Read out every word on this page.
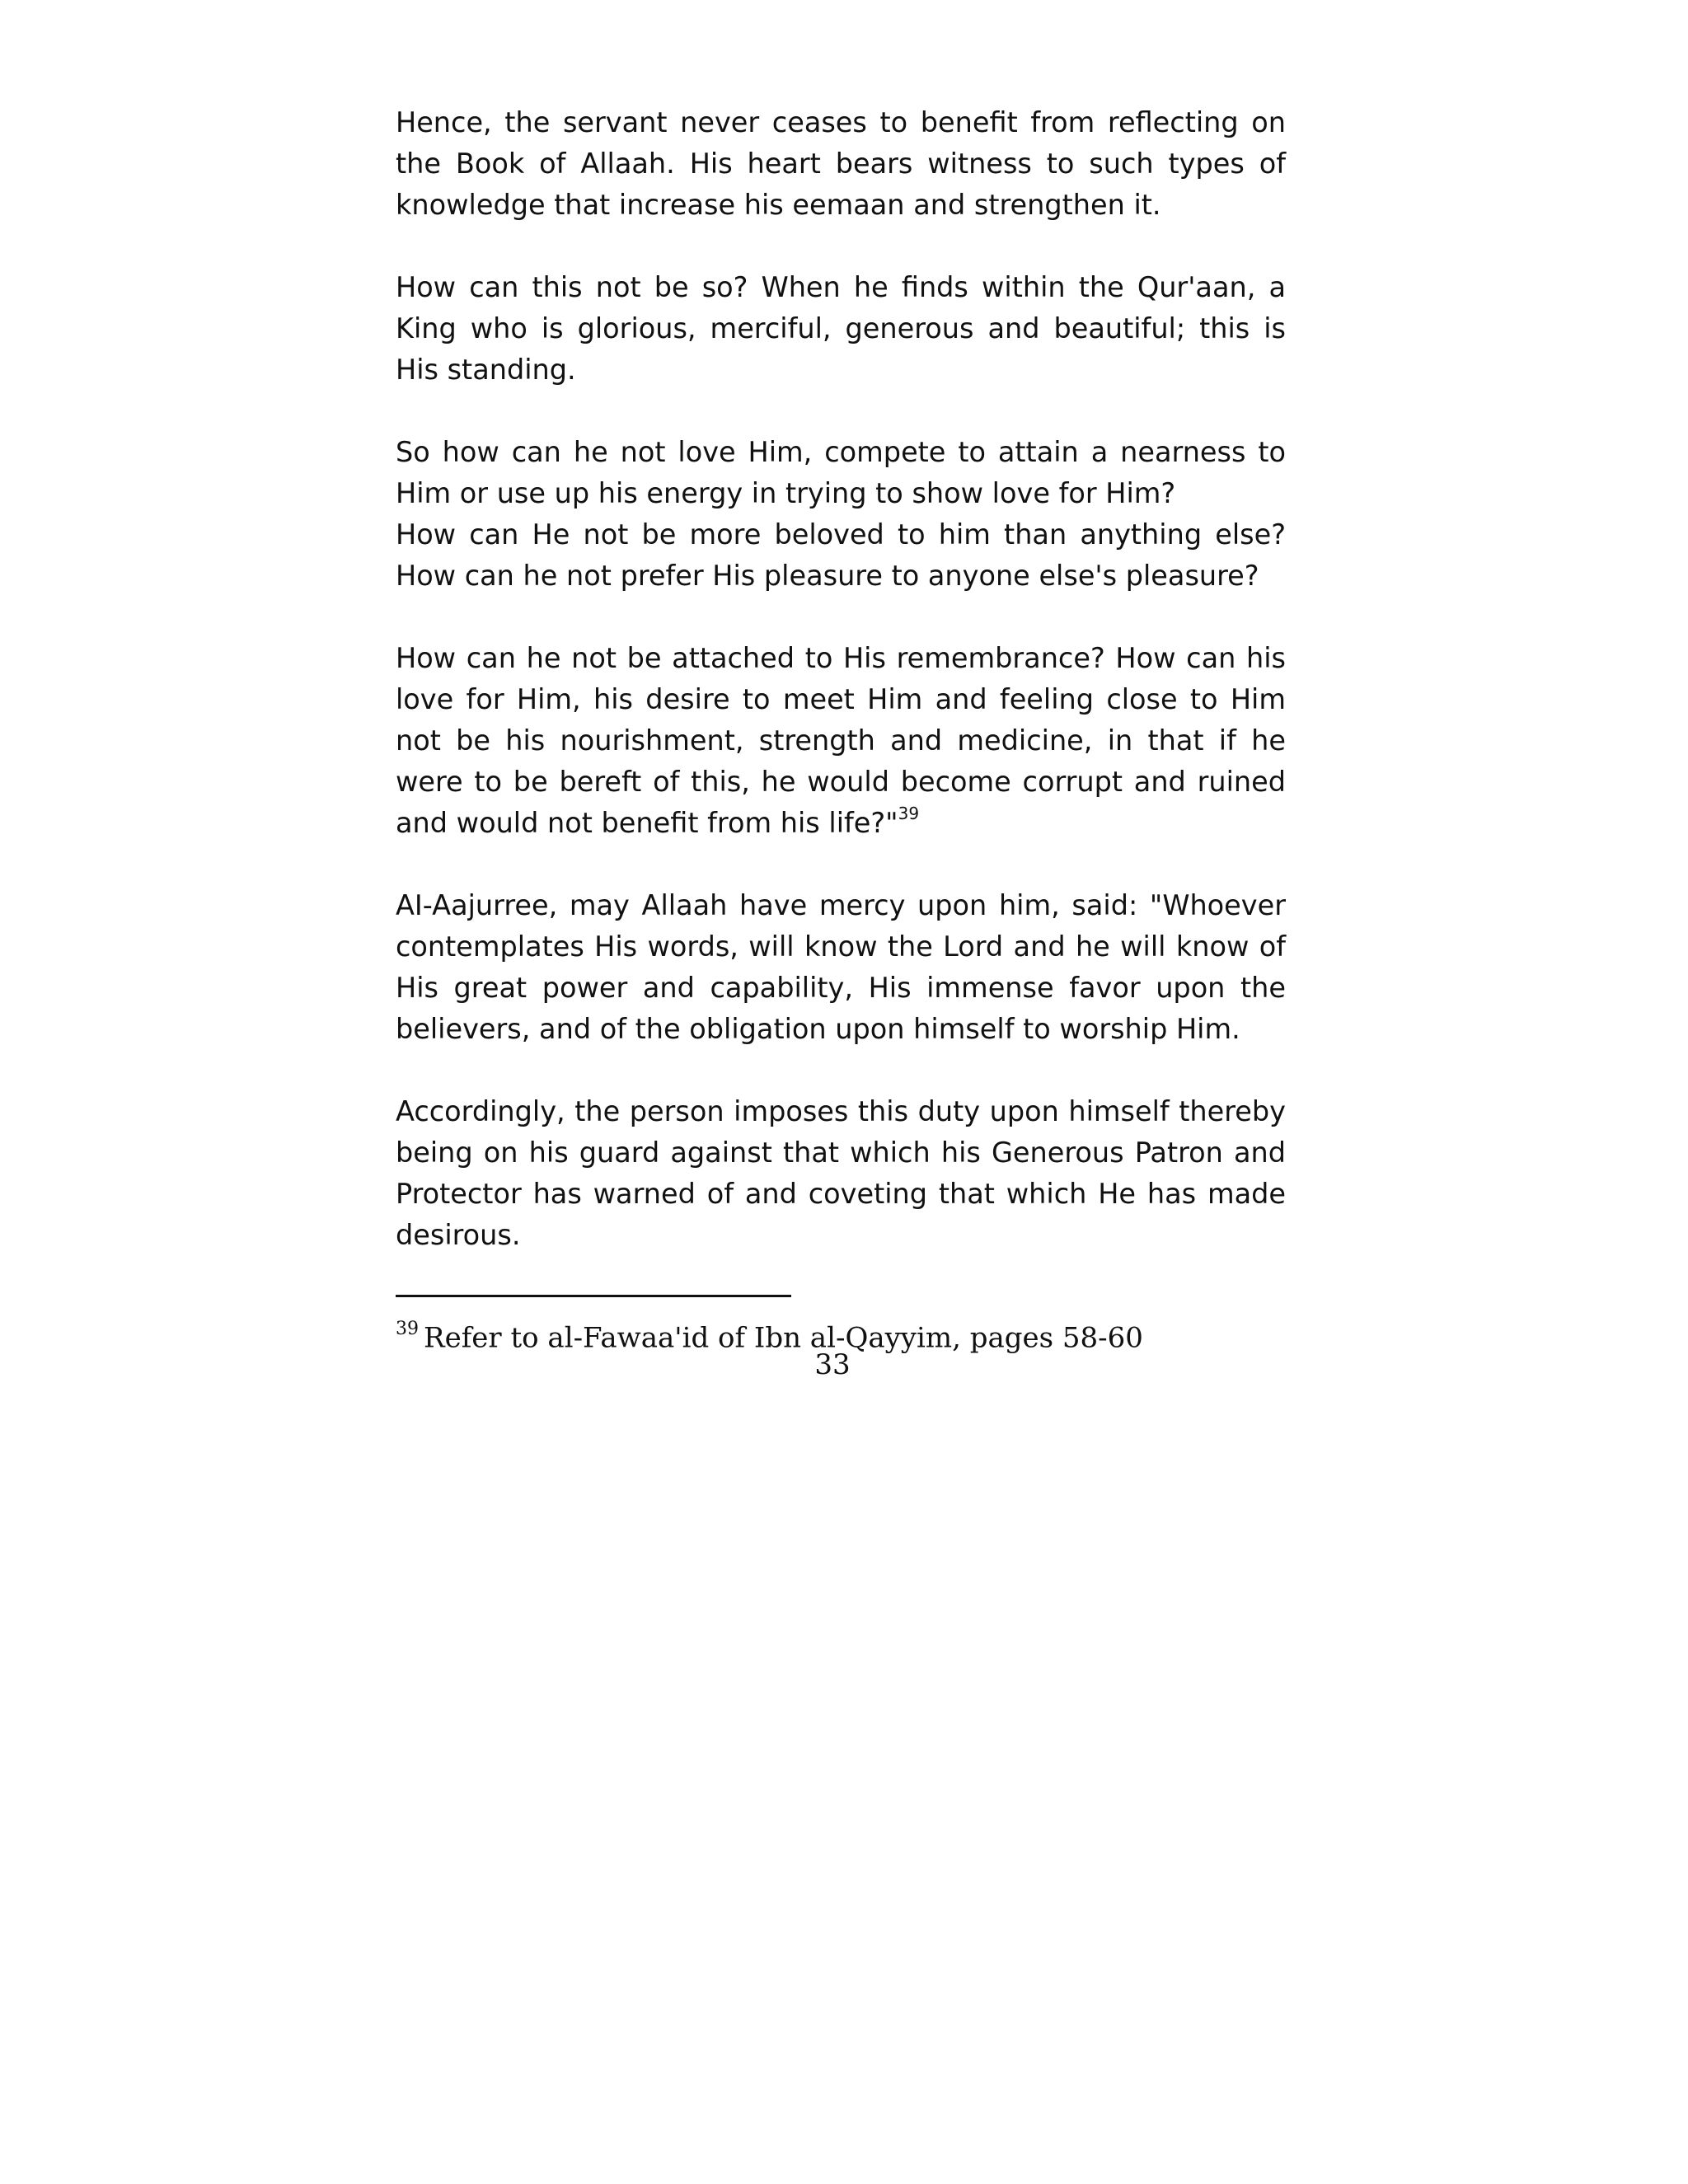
Hence, the servant never ceases to benefit from reflecting on the Book of Allaah. His heart bears witness to such types of knowledge that increase his eemaan and strengthen it.

How can this not be so? When he finds within the Qur'aan, a King who is glorious, merciful, generous and beautiful; this is His standing.

So how can he not love Him, compete to attain a nearness to Him or use up his energy in trying to show love for Him?

How can He not be more beloved to him than anything else? How can he not prefer His pleasure to anyone else's pleasure?

How can he not be attached to His remembrance? How can his love for Him, his desire to meet Him and feeling close to Him not be his nourishment, strength and medicine, in that if he were to be bereft of this, he would become corrupt and ruined and would not benefit from his life?"$^{39}$

AI-Aajurree, may Allaah have mercy upon him, said: "Whoever contemplates His words, will know the Lord and he will know of His great power and capability, His immense favor upon the believers, and of the obligation upon himself to worship Him.

Accordingly, the person imposes this duty upon himself thereby being on his guard against that which his Generous Patron and Protector has warned of and coveting that which He has made desirous.

$^{39}$ Refer to al-Fawaa'id of Ibn al-Qayyim, pages 58-60
33
